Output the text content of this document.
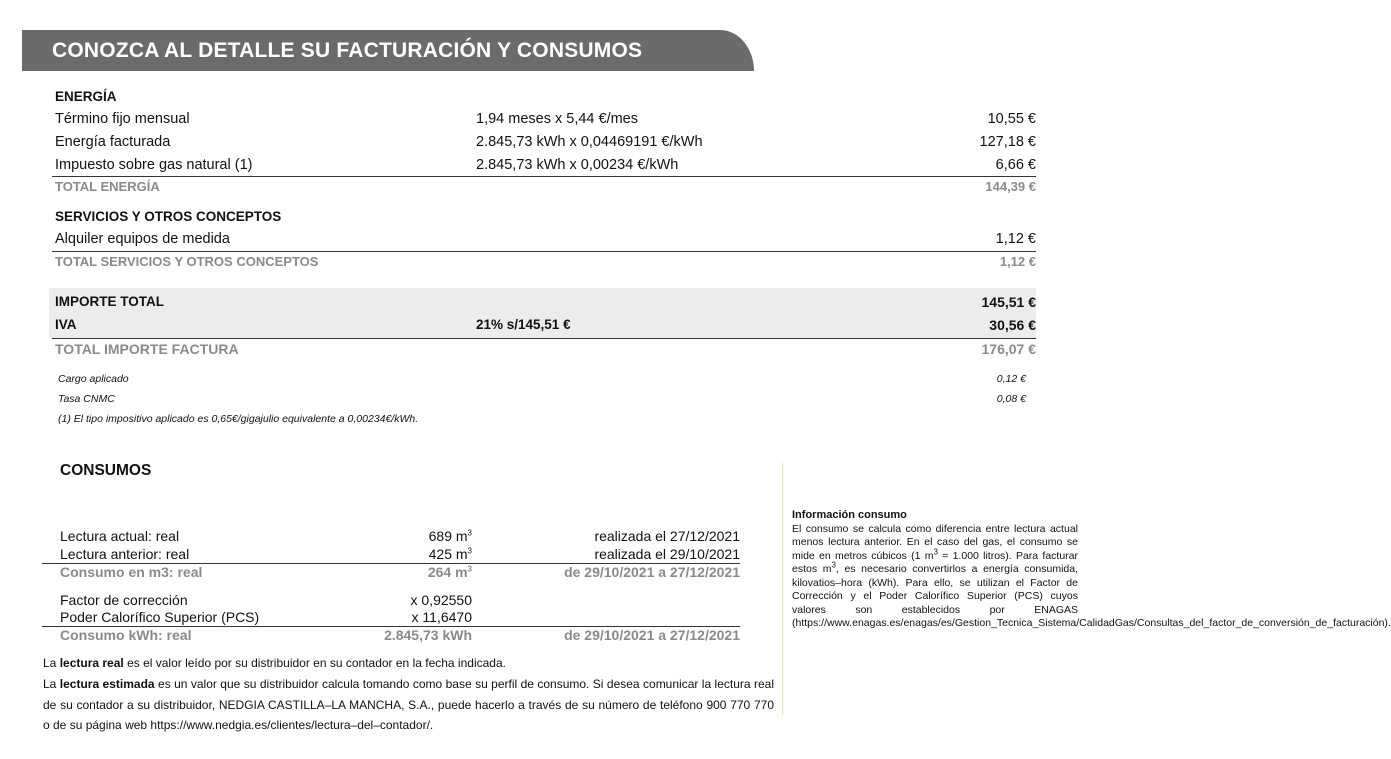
CONOZCA AL DETALLE SU FACTURACIÓN Y CONSUMOS
ENERGÍA
Término fijo mensual	1,94 meses x 5,44 €/mes	10,55 €
Energía facturada	2.845,73 kWh x 0,04469191 €/kWh	127,18 €
Impuesto sobre gas natural (1)	2.845,73 kWh x 0,00234 €/kWh	6,66 €
TOTAL ENERGÍA	144,39 €
SERVICIOS Y OTROS CONCEPTOS
Alquiler equipos de medida	1,12 €
TOTAL SERVICIOS Y OTROS CONCEPTOS	1,12 €
IMPORTE TOTAL	145,51 €
IVA	21% s/145,51 €	30,56 €
TOTAL IMPORTE FACTURA	176,07 €
Cargo aplicado	0,12 €
Tasa CNMC	0,08 €
(1) El tipo impositivo aplicado es 0,65€/gigajulio equivalente a 0,00234€/kWh.
CONSUMOS
Lectura actual: real	689 $m^3$	realizada el 27/12/2021
Lectura anterior: real	425 $m^3$	realizada el 29/10/2021
Consumo en m3: real	264 $m^3$	de 29/10/2021 a 27/12/2021
Factor de corrección	x 0,92550
Poder Calorífico Superior (PCS)	x 11,6470
Consumo kWh: real	2.845,73 kWh	de 29/10/2021 a 27/12/2021
La lectura real es el valor leído por su distribuidor en su contador en la fecha indicada.
La lectura estimada es un valor que su distribuidor calcula tomando como base su perfil de consumo. Si desea comunicar la lectura real de su contador a su distribuidor, NEDGIA CASTILLA–LA MANCHA, S.A., puede hacerlo a través de su número de teléfono 900 770 770 o de su página web https://www.nedgia.es/clientes/lectura–del–contador/.
Información consumo
El consumo se calcula como diferencia entre lectura actual menos lectura anterior. En el caso del gas, el consumo se mide en metros cúbicos (1 $m^3 = 1.000$ litros). Para facturar estos $m^3$, es necesario convertirlos a energía consumida, kilovatios–hora (kWh). Para ello, se utilizan el Factor de Corrección y el Poder Calorífico Superior (PCS) cuyos valores son establecidos por ENAGAS (https://www.enagas.es/enagas/es/Gestion_Tecnica_Sistema/CalidadGas/Consultas_del_factor_de_conversión_de_facturación).
